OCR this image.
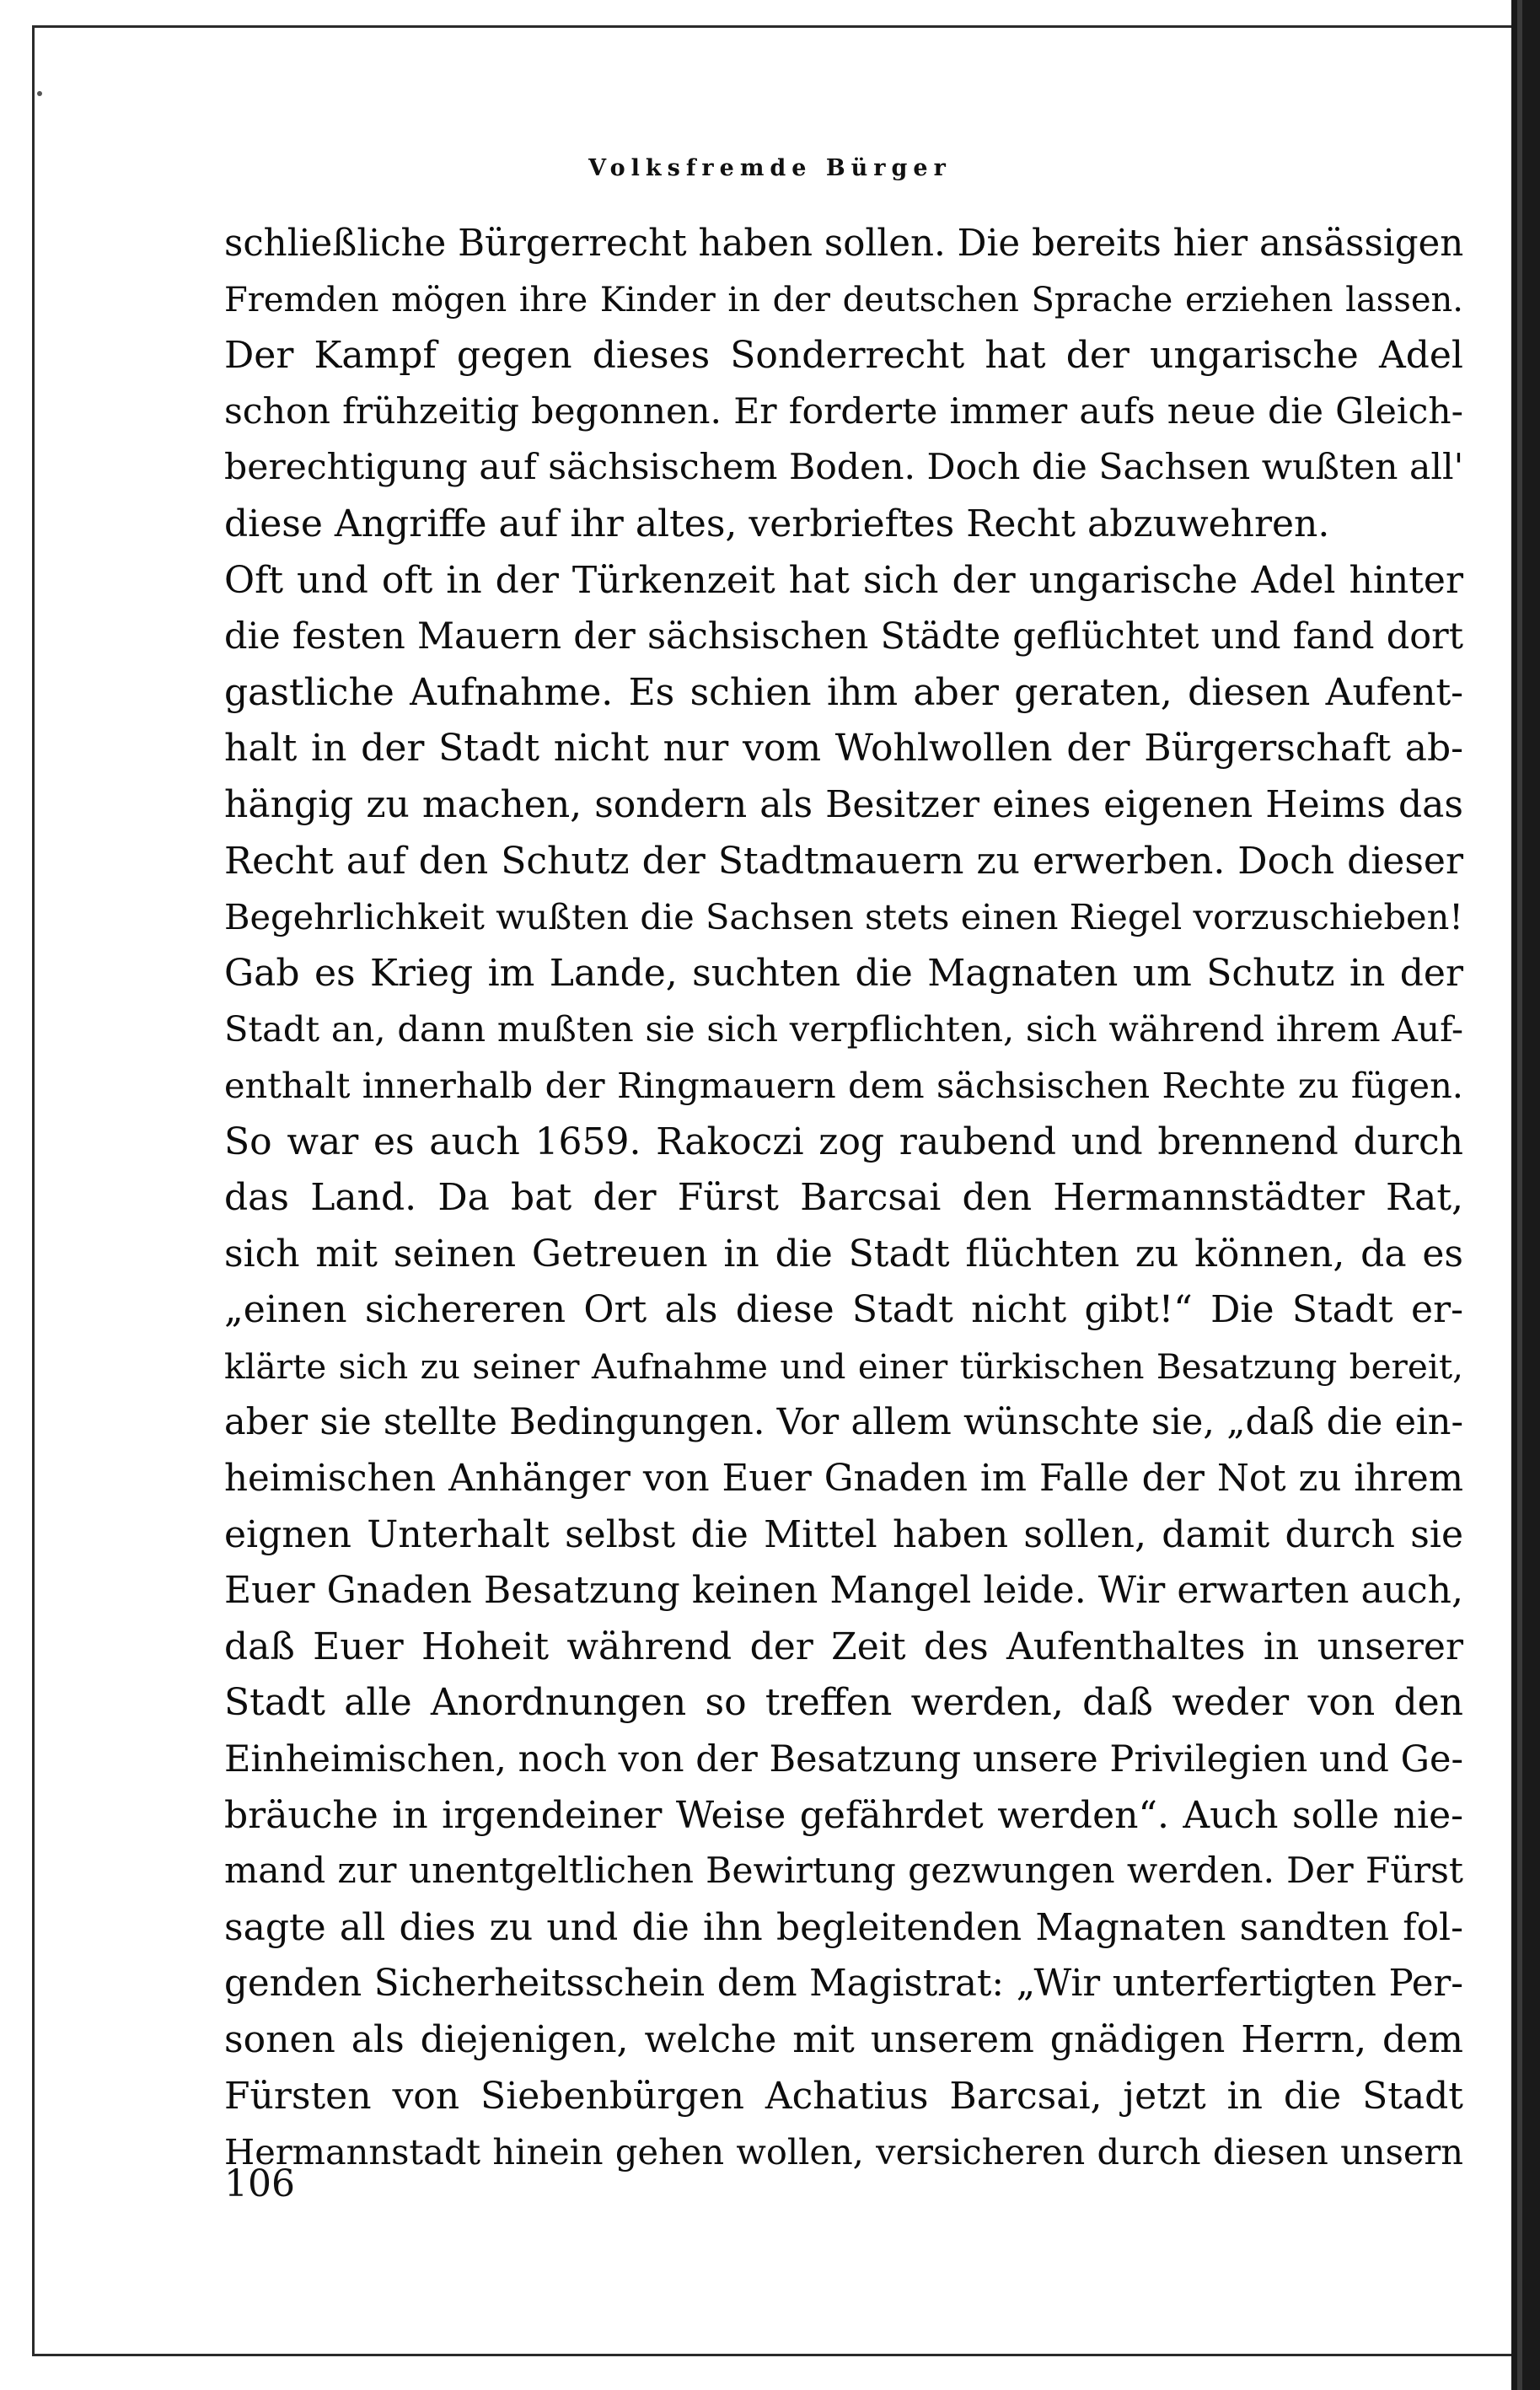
Volksfremde Bürger
schließliche Bürgerrecht haben sollen. Die bereits hier ansässigen
Fremden mögen ihre Kinder in der deutschen Sprache erziehen lassen.
Der Kampf gegen dieses Sonderrecht hat der ungarische Adel
schon frühzeitig begonnen. Er forderte immer aufs neue die Gleich-
berechtigung auf sächsischem Boden. Doch die Sachsen wußten all'
diese Angriffe auf ihr altes, verbrieftes Recht abzuwehren.
Oft und oft in der Türkenzeit hat sich der ungarische Adel hinter
die festen Mauern der sächsischen Städte geflüchtet und fand dort
gastliche Aufnahme. Es schien ihm aber geraten, diesen Aufent-
halt in der Stadt nicht nur vom Wohlwollen der Bürgerschaft ab-
hängig zu machen, sondern als Besitzer eines eigenen Heims das
Recht auf den Schutz der Stadtmauern zu erwerben. Doch dieser
Begehrlichkeit wußten die Sachsen stets einen Riegel vorzuschieben!
Gab es Krieg im Lande, suchten die Magnaten um Schutz in der
Stadt an, dann mußten sie sich verpflichten, sich während ihrem Auf-
enthalt innerhalb der Ringmauern dem sächsischen Rechte zu fügen.
So war es auch 1659. Rakoczi zog raubend und brennend durch
das Land. Da bat der Fürst Barcsai den Hermannstädter Rat,
sich mit seinen Getreuen in die Stadt flüchten zu können, da es
„einen sichereren Ort als diese Stadt nicht gibt!“ Die Stadt er-
klärte sich zu seiner Aufnahme und einer türkischen Besatzung bereit,
aber sie stellte Bedingungen. Vor allem wünschte sie, „daß die ein-
heimischen Anhänger von Euer Gnaden im Falle der Not zu ihrem
eignen Unterhalt selbst die Mittel haben sollen, damit durch sie
Euer Gnaden Besatzung keinen Mangel leide. Wir erwarten auch,
daß Euer Hoheit während der Zeit des Aufenthaltes in unserer
Stadt alle Anordnungen so treffen werden, daß weder von den
Einheimischen, noch von der Besatzung unsere Privilegien und Ge-
bräuche in irgendeiner Weise gefährdet werden“. Auch solle nie-
mand zur unentgeltlichen Bewirtung gezwungen werden. Der Fürst
sagte all dies zu und die ihn begleitenden Magnaten sandten fol-
genden Sicherheitsschein dem Magistrat: „Wir unterfertigten Per-
sonen als diejenigen, welche mit unserem gnädigen Herrn, dem
Fürsten von Siebenbürgen Achatius Barcsai, jetzt in die Stadt
Hermannstadt hinein gehen wollen, versicheren durch diesen unsern
106
